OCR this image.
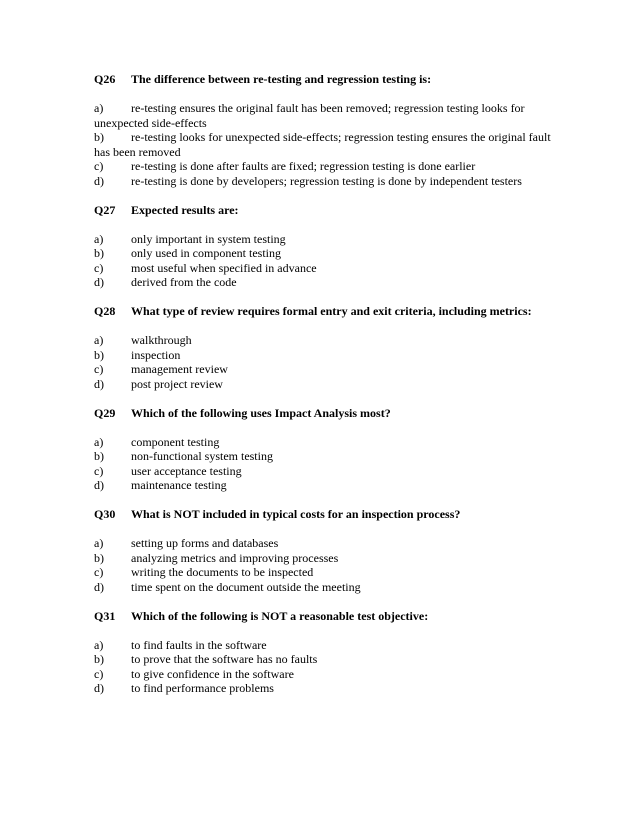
Q26 The difference between re-testing and regression testing is:
a) re-testing ensures the original fault has been removed; regression testing looks for unexpected side-effects
b) re-testing looks for unexpected side-effects; regression testing ensures the original fault has been removed
c) re-testing is done after faults are fixed; regression testing is done earlier
d) re-testing is done by developers; regression testing is done by independent testers
Q27 Expected results are:
a) only important in system testing
b) only used in component testing
c) most useful when specified in advance
d) derived from the code
Q28 What type of review requires formal entry and exit criteria, including metrics:
a) walkthrough
b) inspection
c) management review
d) post project review
Q29 Which of the following uses Impact Analysis most?
a) component testing
b) non-functional system testing
c) user acceptance testing
d) maintenance testing
Q30 What is NOT included in typical costs for an inspection process?
a) setting up forms and databases
b) analyzing metrics and improving processes
c) writing the documents to be inspected
d) time spent on the document outside the meeting
Q31 Which of the following is NOT a reasonable test objective:
a) to find faults in the software
b) to prove that the software has no faults
c) to give confidence in the software
d) to find performance problems
